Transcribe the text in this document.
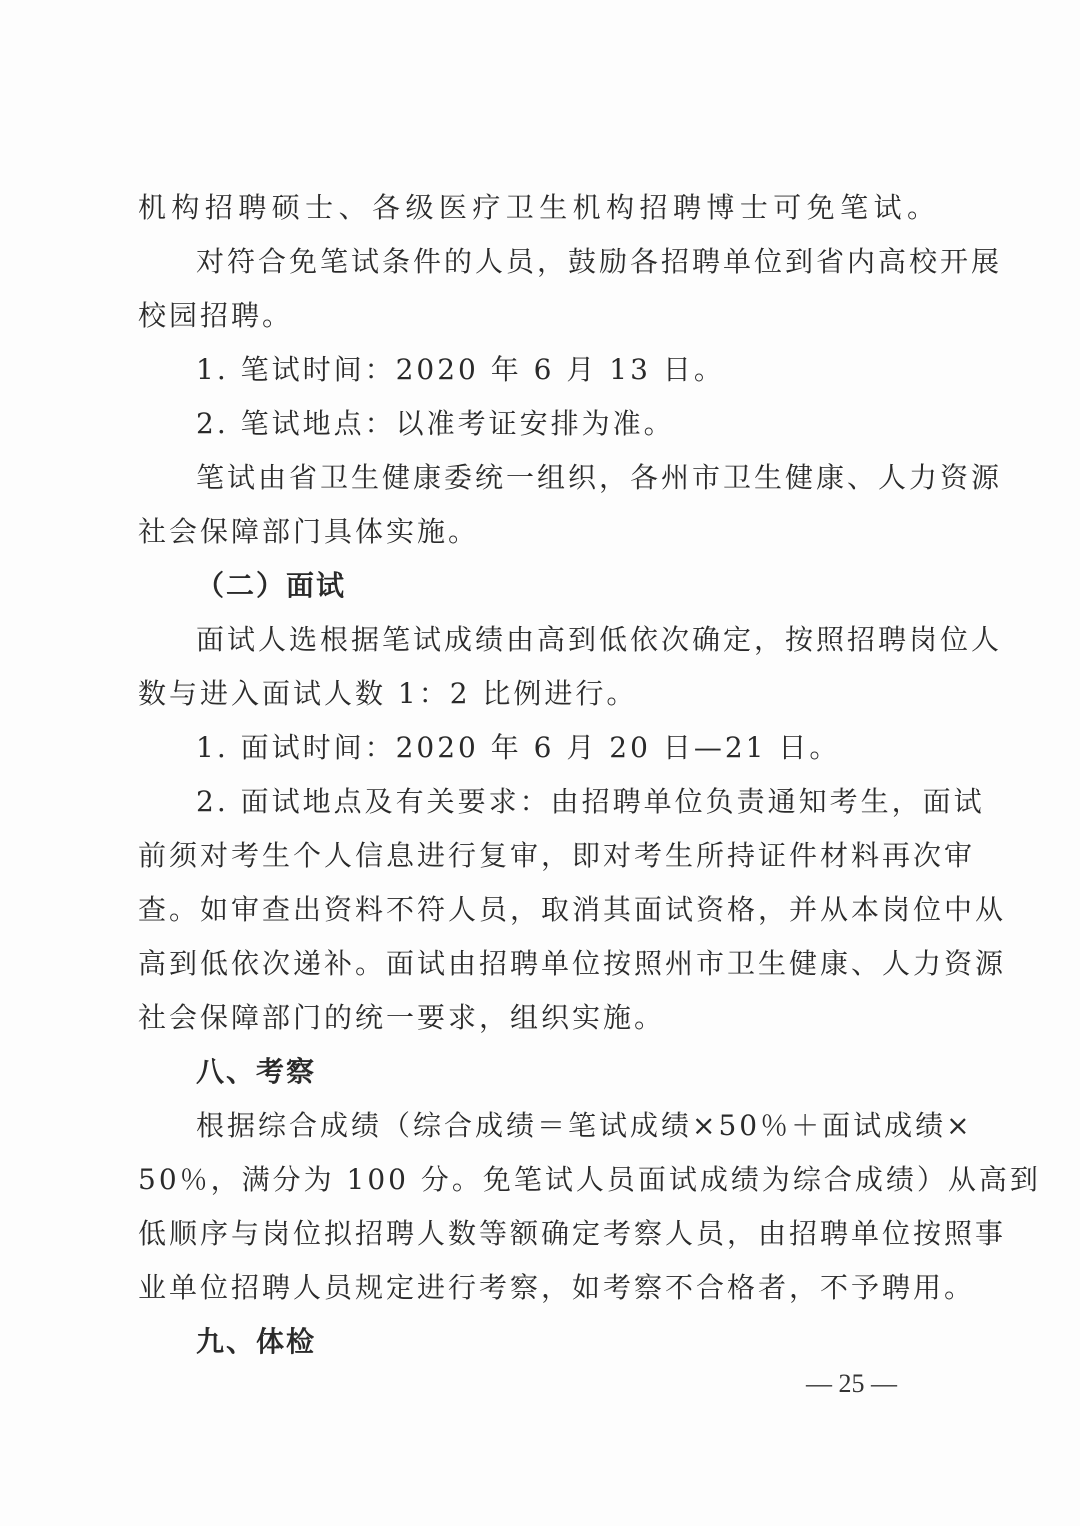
机构招聘硕士、各级医疗卫生机构招聘博士可免笔试。
对符合免笔试条件的人员，鼓励各招聘单位到省内高校开展
校园招聘。
1. 笔试时间：2020 年 6 月 13 日。
2. 笔试地点：以准考证安排为准。
笔试由省卫生健康委统一组织，各州市卫生健康、人力资源
社会保障部门具体实施。
（二）面试
面试人选根据笔试成绩由高到低依次确定，按照招聘岗位人
数与进入面试人数 1：2 比例进行。
1. 面试时间：2020 年 6 月 20 日—21 日。
2. 面试地点及有关要求：由招聘单位负责通知考生，面试
前须对考生个人信息进行复审，即对考生所持证件材料再次审
查。如审查出资料不符人员，取消其面试资格，并从本岗位中从
高到低依次递补。面试由招聘单位按照州市卫生健康、人力资源
社会保障部门的统一要求，组织实施。
八、考察
根据综合成绩（综合成绩＝笔试成绩×50％＋面试成绩×
50％，满分为 100 分。免笔试人员面试成绩为综合成绩）从高到
低顺序与岗位拟招聘人数等额确定考察人员，由招聘单位按照事
业单位招聘人员规定进行考察，如考察不合格者，不予聘用。
九、体检
— 25 —
